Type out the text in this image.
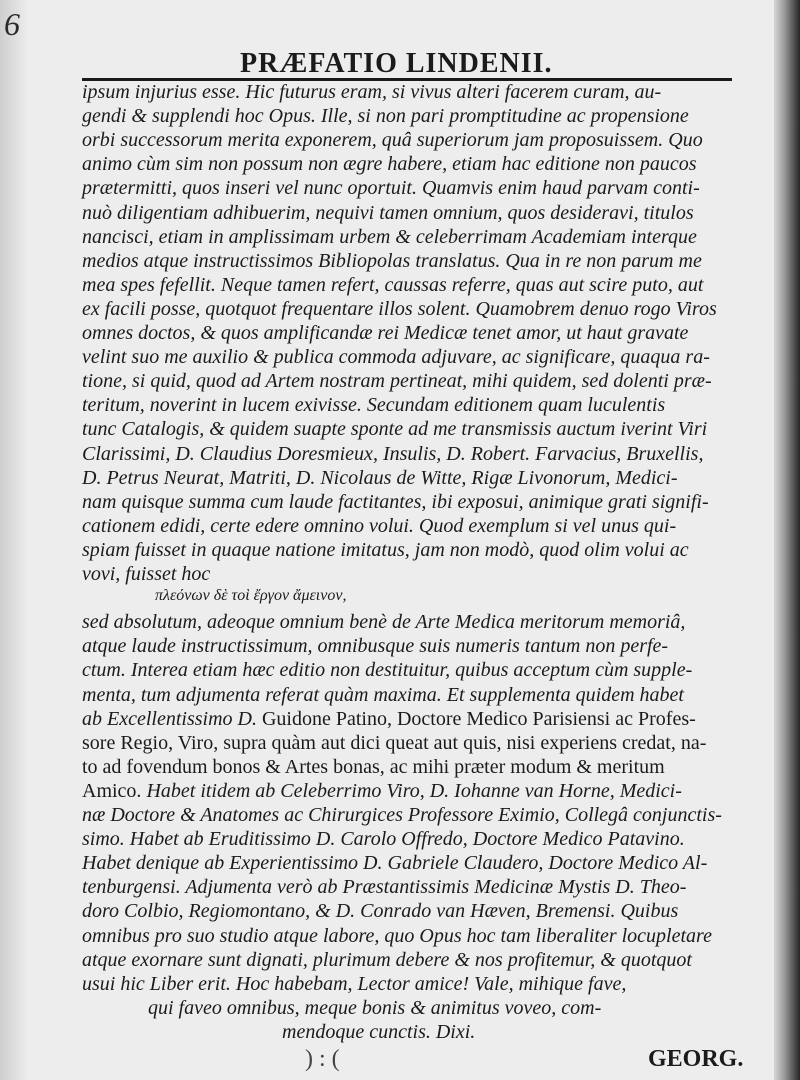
6
PRÆFATIO LINDENII.
ipsum injurius esse. Hic futurus eram, si vivus alteri facerem curam, au-
gendi & supplendi hoc Opus. Ille, si non pari promptitudine ac propensione
orbi successorum merita exponerem, quâ superiorum jam proposuissem. Quo
animo cùm sim non possum non ægre habere, etiam hac editione non paucos
prætermitti, quos inseri vel nunc oportuit. Quamvis enim haud parvam conti-
nuò diligentiam adhibuerim, nequivi tamen omnium, quos desideravi, titulos
nancisci, etiam in amplissimam urbem & celeberrimam Academiam interque
medios atque instructissimos Bibliopolas translatus. Qua in re non parum me
mea spes fefellit. Neque tamen refert, caussas referre, quas aut scire puto, aut
ex facili posse, quotquot frequentare illos solent. Quamobrem denuo rogo Viros
omnes doctos, & quos amplificandæ rei Medicæ tenet amor, ut haut gravate
velint suo me auxilio & publica commoda adjuvare, ac significare, quaqua ra-
tione, si quid, quod ad Artem nostram pertineat, mihi quidem, sed dolenti præ-
teritum, noverint in lucem exivisse. Secundam editionem quam luculentis
tunc Catalogis, & quidem suapte sponte ad me transmissis auctum iverint Viri
Clarissimi, D. Claudius Doresmieux, Insulis, D. Robert. Farvacius, Bruxellis,
D. Petrus Neurat, Matriti, D. Nicolaus de Witte, Rigæ Livonorum, Medici-
nam quisque summa cum laude factitantes, ibi exposui, animique grati signifi-
cationem edidi, certe edere omnino volui. Quod exemplum si vel unus qui-
spiam fuisset in quaque natione imitatus, jam non modò, quod olim volui ac
vovi, fuisset hoc
πλεόνων δὲ τοὶ ἔργον ἄμεινον,
sed absolutum, adeoque omnium benè de Arte Medica meritorum memoriâ,
atque laude instructissimum, omnibusque suis numeris tantum non perfe-
ctum. Interea etiam hæc editio non destituitur, quibus acceptum cùm supple-
menta, tum adjumenta referat quàm maxima. Et supplementa quidem habet
ab Excellentissimo D. Guidone Patino, Doctore Medico Parisiensi ac Profes-
sore Regio, Viro, supra quàm aut dici queat aut quis, nisi experiens credat, na-
to ad fovendum bonos & Artes bonas, ac mihi præter modum & meritum
Amico. Habet itidem ab Celeberrimo Viro, D. Iohanne van Horne, Medici-
næ Doctore & Anatomes ac Chirurgices Professore Eximio, Collegâ conjunctis-
simo. Habet ab Eruditissimo D. Carolo Offredo, Doctore Medico Patavino.
Habet denique ab Experientissimo D. Gabriele Claudero, Doctore Medico Al-
tenburgensi. Adjumenta verò ab Præstantissimis Medicinæ Mystis D. Theo-
doro Colbio, Regiomontano, & D. Conrado van Hæven, Bremensi. Quibus
omnibus pro suo studio atque labore, quo Opus hoc tam liberaliter locupletare
atque exornare sunt dignati, plurimum debere & nos profitemur, & quotquot
usui hic Liber erit. Hoc habebam, Lector amice! Vale, mihique fave,
qui faveo omnibus, meque bonis & animitus voveo, com-
mendoque cunctis. Dixi.
) : (	GEORG.
